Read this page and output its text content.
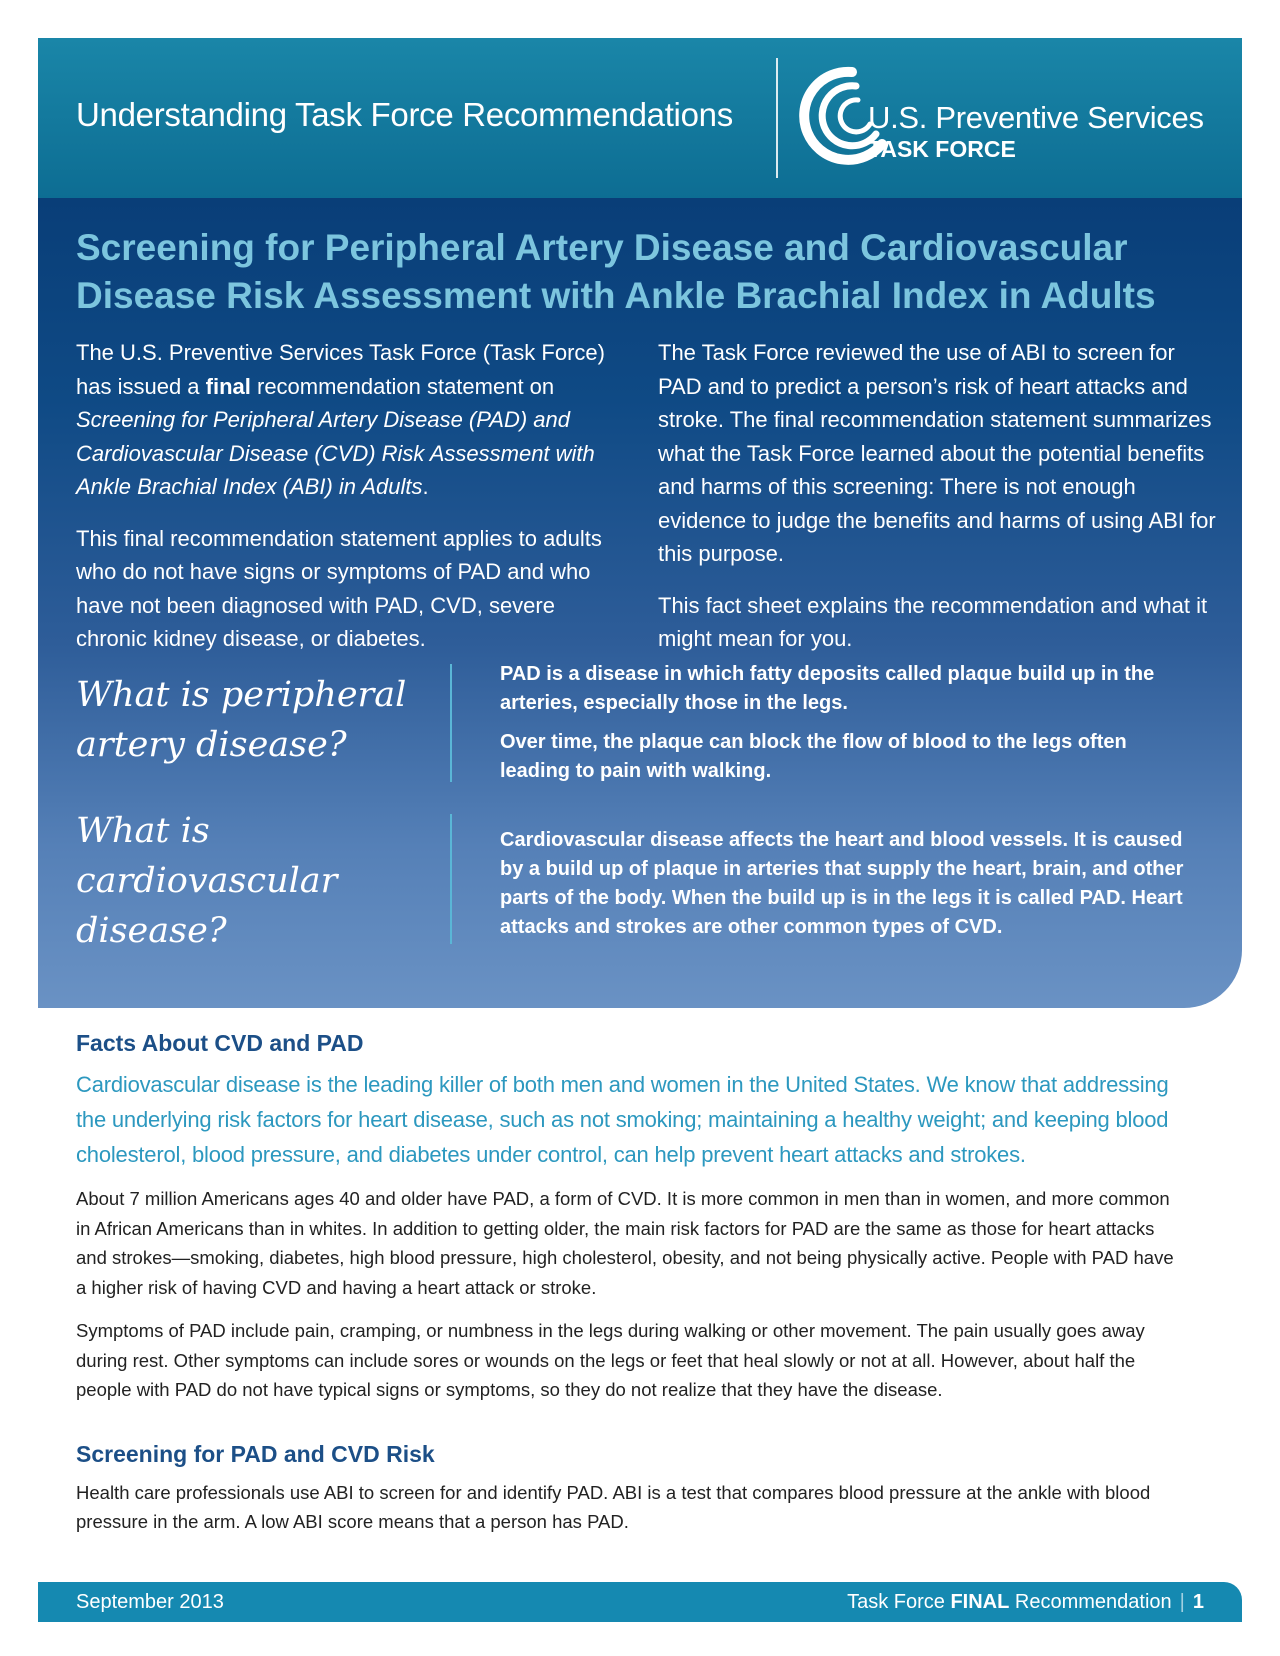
Understanding Task Force Recommendations	U.S. Preventive Services
TASK FORCE
Screening for Peripheral Artery Disease and Cardiovascular Disease Risk Assessment with Ankle Brachial Index in Adults

The U.S. Preventive Services Task Force (Task Force) has issued a final recommendation statement on Screening for Peripheral Artery Disease (PAD) and Cardiovascular Disease (CVD) Risk Assessment with Ankle Brachial Index (ABI) in Adults.

This final recommendation statement applies to adults who do not have signs or symptoms of PAD and who have not been diagnosed with PAD, CVD, severe chronic kidney disease, or diabetes.

The Task Force reviewed the use of ABI to screen for PAD and to predict a person’s risk of heart attacks and stroke. The final recommendation statement summarizes what the Task Force learned about the potential benefits and harms of this screening: There is not enough evidence to judge the benefits and harms of using ABI for this purpose.

This fact sheet explains the recommendation and what it might mean for you.

What is peripheral artery disease?

PAD is a disease in which fatty deposits called plaque build up in the arteries, especially those in the legs.

Over time, the plaque can block the flow of blood to the legs often leading to pain with walking.

What is cardiovascular disease?

Cardiovascular disease affects the heart and blood vessels. It is caused by a build up of plaque in arteries that supply the heart, brain, and other parts of the body. When the build up is in the legs it is called PAD. Heart attacks and strokes are other common types of CVD.

Facts About CVD and PAD

Cardiovascular disease is the leading killer of both men and women in the United States. We know that addressing the underlying risk factors for heart disease, such as not smoking; maintaining a healthy weight; and keeping blood cholesterol, blood pressure, and diabetes under control, can help prevent heart attacks and strokes.

About 7 million Americans ages 40 and older have PAD, a form of CVD. It is more common in men than in women, and more common in African Americans than in whites. In addition to getting older, the main risk factors for PAD are the same as those for heart attacks and strokes—smoking, diabetes, high blood pressure, high cholesterol, obesity, and not being physically active. People with PAD have a higher risk of having CVD and having a heart attack or stroke.

Symptoms of PAD include pain, cramping, or numbness in the legs during walking or other movement. The pain usually goes away during rest. Other symptoms can include sores or wounds on the legs or feet that heal slowly or not at all. However, about half the people with PAD do not have typical signs or symptoms, so they do not realize that they have the disease.

Screening for PAD and CVD Risk

Health care professionals use ABI to screen for and identify PAD. ABI is a test that compares blood pressure at the ankle with blood pressure in the arm. A low ABI score means that a person has PAD.

September 2013	Task Force FINAL Recommendation | 1
